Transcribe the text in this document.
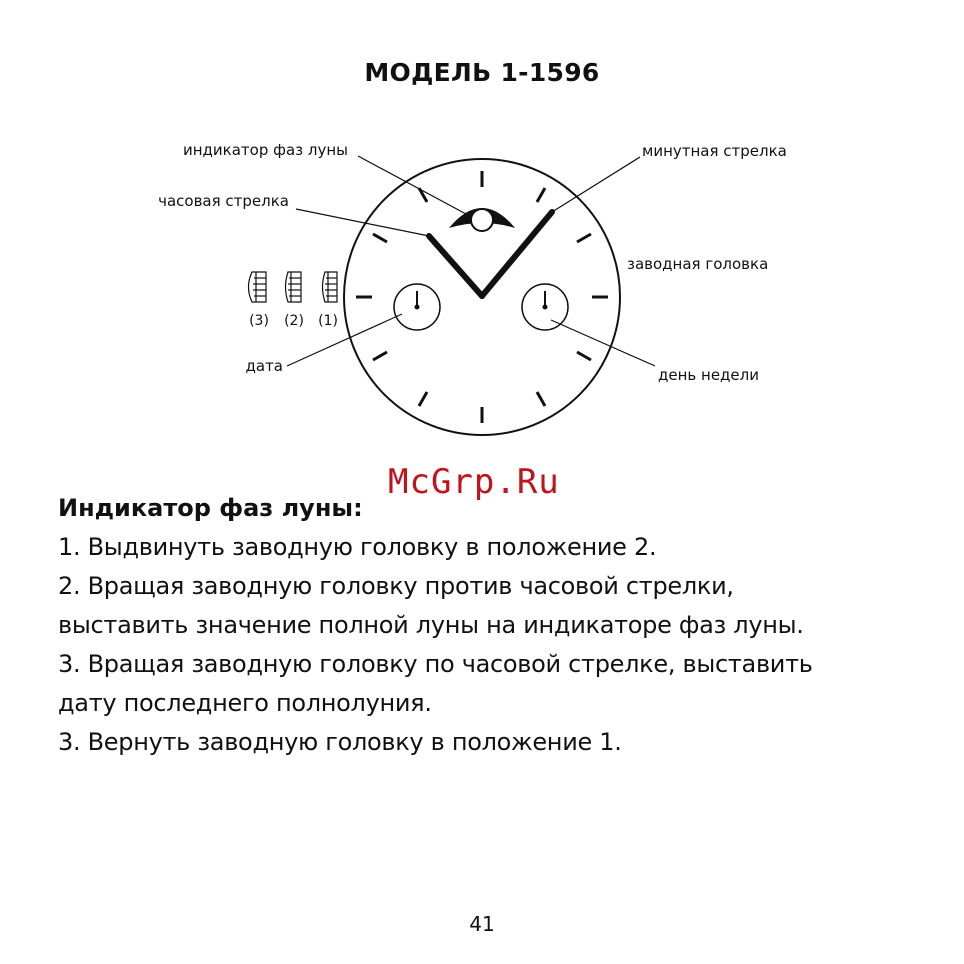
МОДЕЛЬ 1-1596
индикатор фаз луны	минутная стрелка
часовая стрелка
заводная головка
дата	день недели
(3) (2) (1)
McGrp.Ru
Индикатор фаз луны:

1. Выдвинуть заводную головку в положение 2.

2. Вращая заводную головку против часовой стрелки,

выставить значение полной луны на индикаторе фаз луны.

3. Вращая заводную головку по часовой стрелке, выставить

дату последнего полнолуния.

3. Вернуть заводную головку в положение 1.

41
